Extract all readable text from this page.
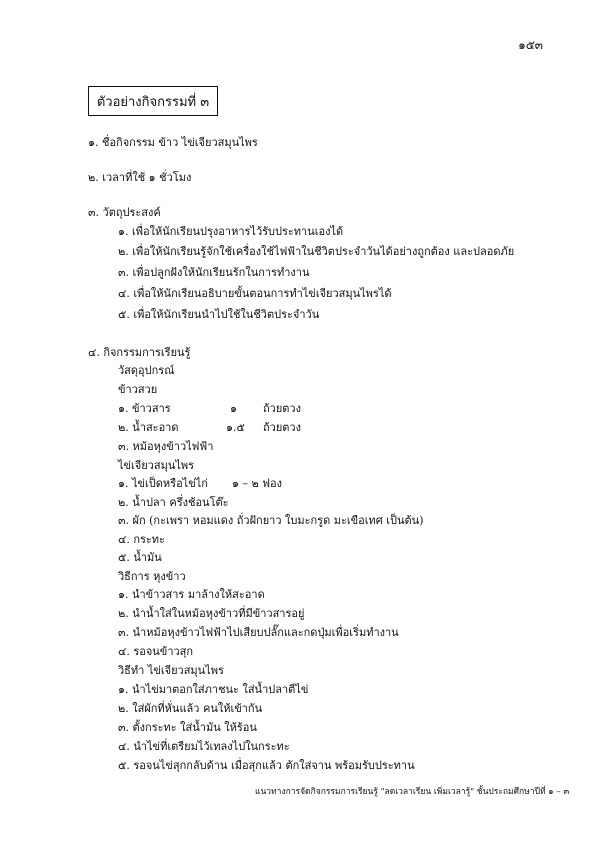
๑๕๓
ตัวอย่างกิจกรรมที่ ๓
๑. ชื่อกิจกรรม ข้าว ไข่เจียวสมุนไพร
๒. เวลาที่ใช้ ๑ ชั่วโมง
๓. วัตถุประสงค์
๑. เพื่อให้นักเรียนปรุงอาหารไว้รับประทานเองได้
๒. เพื่อให้นักเรียนรู้จักใช้เครื่องใช้ไฟฟ้าในชีวิตประจำวันได้อย่างถูกต้อง และปลอดภัย
๓. เพื่อปลูกฝังให้นักเรียนรักในการทำงาน
๔. เพื่อให้นักเรียนอธิบายขั้นตอนการทำไข่เจียวสมุนไพรได้
๕. เพื่อให้นักเรียนนำไปใช้ในชีวิตประจำวัน
๔. กิจกรรมการเรียนรู้
วัสดุอุปกรณ์
ข้าวสวย
๑. ข้าวสาร	๑ ถ้วยตวง
๒. น้ำสะอาด	๑.๕ ถ้วยตวง
๓. หม้อหุงข้าวไฟฟ้า
ไข่เจียวสมุนไพร
๑. ไข่เป็ดหรือไข่ไก่ ๑ – ๒ ฟอง
๒. น้ำปลา ครึ่งช้อนโต๊ะ
๓. ผัก (กะเพรา หอมแดง ถั่วฝักยาว ใบมะกรูด มะเขือเทศ เป็นต้น)
๔. กระทะ
๕. น้ำมัน
วิธีการ หุงข้าว
๑. นำข้าวสาร มาล้างให้สะอาด
๒. นำน้ำใส่ในหม้อหุงข้าวที่มีข้าวสารอยู่
๓. นำหม้อหุงข้าวไฟฟ้าไปเสียบปลั๊กและกดปุ่มเพื่อเริ่มทำงาน
๔. รอจนข้าวสุก
วิธีทำ ไข่เจียวสมุนไพร
๑. นำไข่มาตอกใส่ภาชนะ ใส่น้ำปลาตีไข่
๒. ใส่ผักที่หั่นแล้ว คนให้เข้ากัน
๓. ตั้งกระทะ ใส่น้ำมัน ให้ร้อน
๔. นำไข่ที่เตรียมไว้เทลงไปในกระทะ
๕. รอจนไข่สุกกลับด้าน เมื่อสุกแล้ว ตักใส่จาน พร้อมรับประทาน
แนวทางการจัดกิจกรรมการเรียนรู้ "ลดเวลาเรียน เพิ่มเวลารู้" ชั้นประถมศึกษาปีที่ ๑ – ๓
